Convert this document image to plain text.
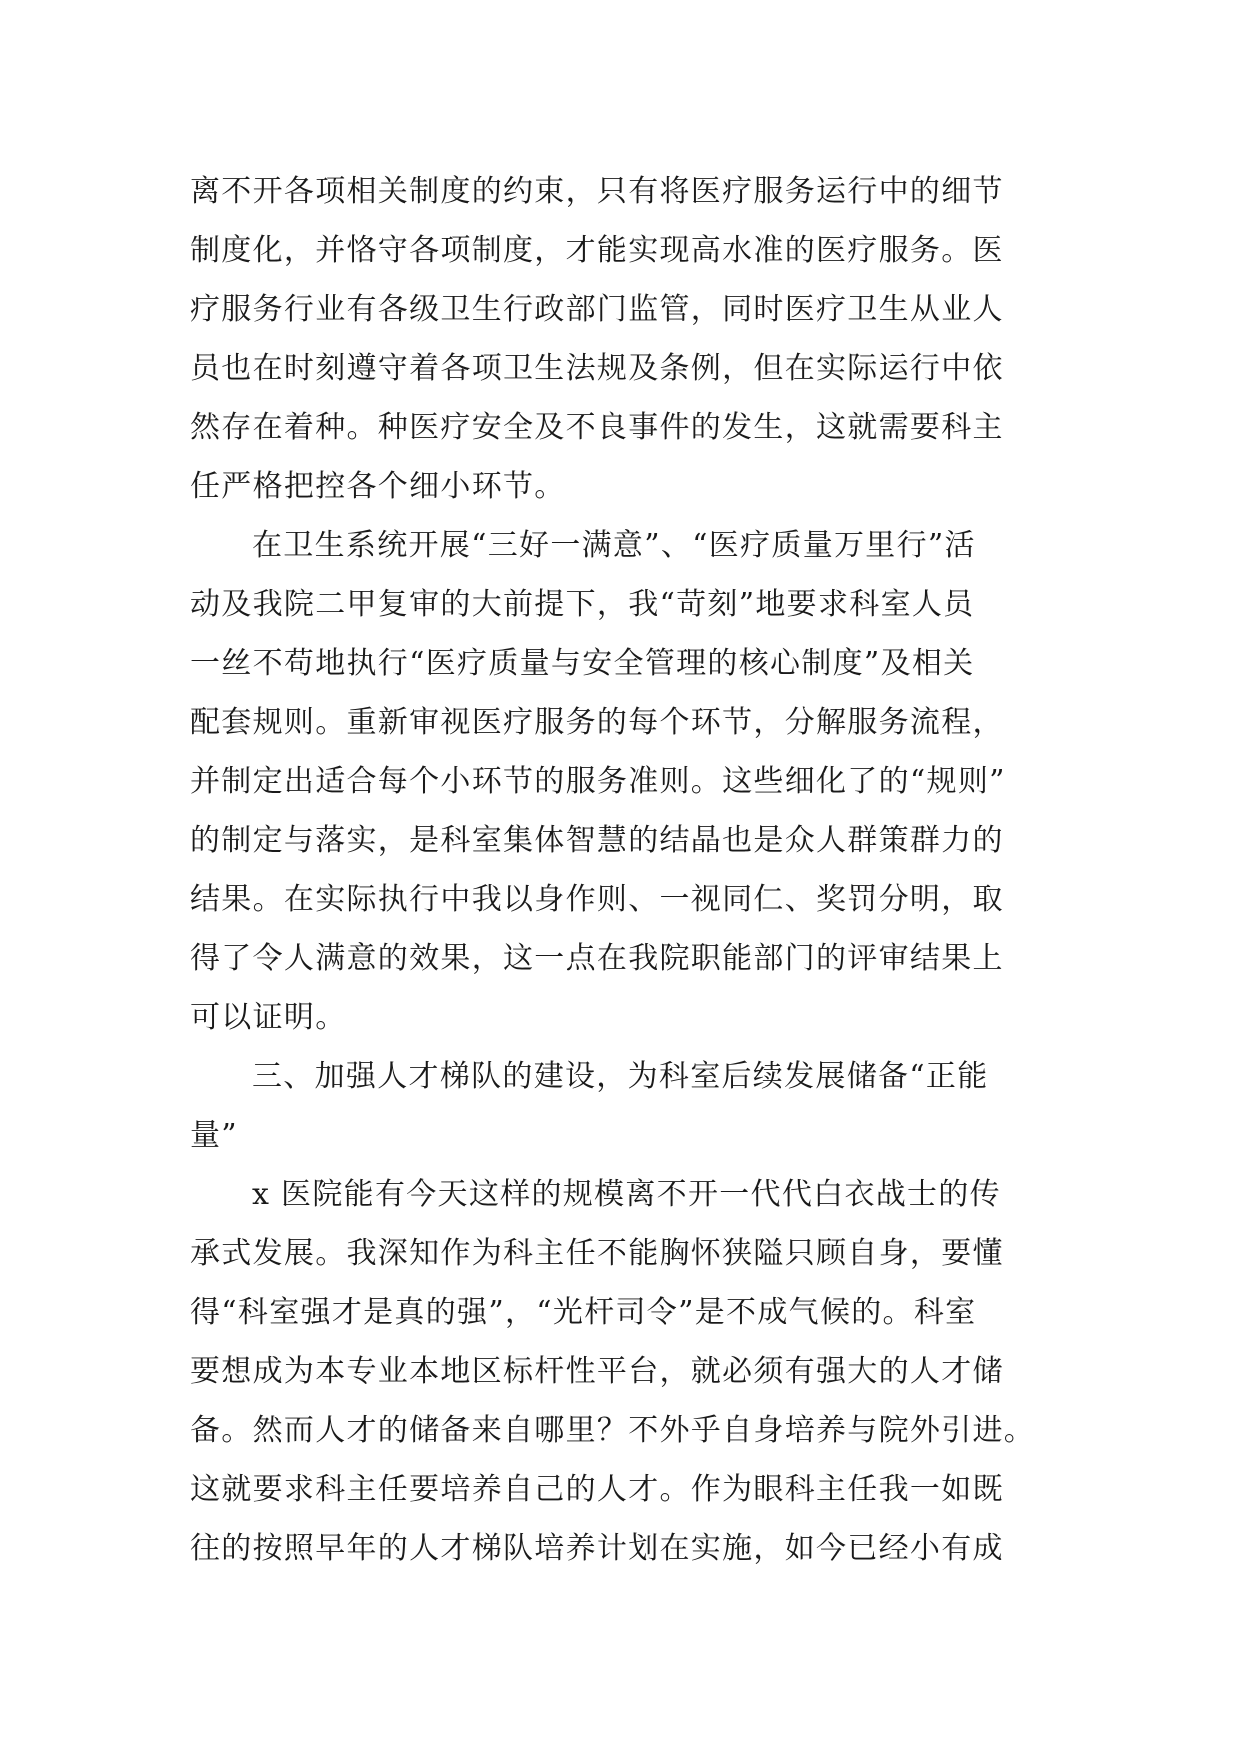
离不开各项相关制度的约束，只有将医疗服务运行中的细节
制度化，并恪守各项制度，才能实现高水准的医疗服务。医
疗服务行业有各级卫生行政部门监管，同时医疗卫生从业人
员也在时刻遵守着各项卫生法规及条例，但在实际运行中依
然存在着种。种医疗安全及不良事件的发生，这就需要科主
任严格把控各个细小环节。
在卫生系统开展“三好一满意”、“医疗质量万里行”活
动及我院二甲复审的大前提下，我“苛刻”地要求科室人员
一丝不苟地执行“医疗质量与安全管理的核心制度”及相关
配套规则。重新审视医疗服务的每个环节，分解服务流程，
并制定出适合每个小环节的服务准则。这些细化了的“规则”
的制定与落实，是科室集体智慧的结晶也是众人群策群力的
结果。在实际执行中我以身作则、一视同仁、奖罚分明，取
得了令人满意的效果，这一点在我院职能部门的评审结果上
可以证明。
三、加强人才梯队的建设，为科室后续发展储备“正能
量”
x 医院能有今天这样的规模离不开一代代白衣战士的传
承式发展。我深知作为科主任不能胸怀狭隘只顾自身，要懂
得“科室强才是真的强”，“光杆司令”是不成气候的。科室
要想成为本专业本地区标杆性平台，就必须有强大的人才储
备。然而人才的储备来自哪里？不外乎自身培养与院外引进。
这就要求科主任要培养自己的人才。作为眼科主任我一如既
往的按照早年的人才梯队培养计划在实施，如今已经小有成
